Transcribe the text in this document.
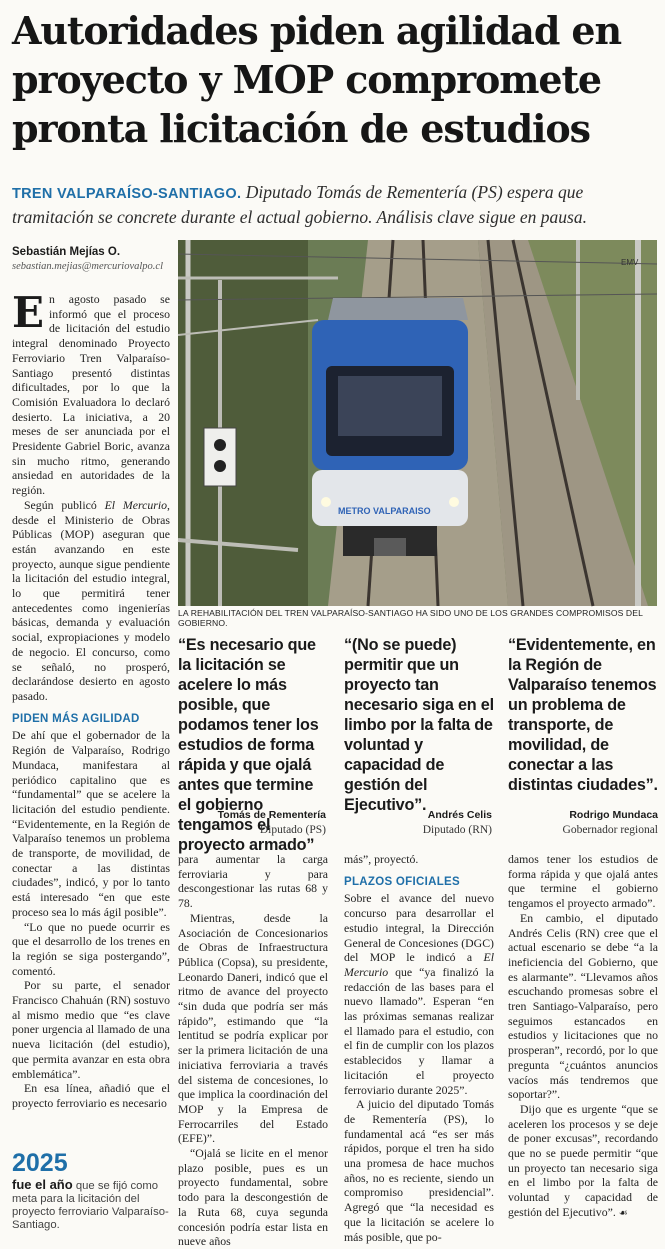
Autoridades piden agilidad en proyecto y MOP compromete pronta licitación de estudios
TREN VALPARAÍSO-SANTIAGO. Diputado Tomás de Rementería (PS) espera que tramitación se concrete durante el actual gobierno. Análisis clave sigue en pausa.
Sebastián Mejías O.
sebastian.mejias@mercuriovalpo.cl

En agosto pasado se informó que el proceso de licitación del estudio integral denominado Proyecto Ferroviario Tren Valparaíso-Santiago presentó distintas dificultades, por lo que la Comisión Evaluadora lo declaró desierto. La iniciativa, a 20 meses de ser anunciada por el Presidente Gabriel Boric, avanza sin mucho ritmo, generando ansiedad en autoridades de la región.

Según publicó El Mercurio, desde el Ministerio de Obras Públicas (MOP) aseguran que están avanzando en este proyecto, aunque sigue pendiente la licitación del estudio integral, lo que permitirá tener antecedentes como ingenierías básicas, demanda y evaluación social, expropiaciones y modelo de negocio. El concurso, como se señaló, no prosperó, declarándose desierto en agosto pasado.

PIDEN MÁS AGILIDAD

De ahí que el gobernador de la Región de Valparaíso, Rodrigo Mundaca, manifestara al periódico capitalino que es “fundamental” que se acelere la licitación del estudio pendiente. “Evidentemente, en la Región de Valparaíso tenemos un problema de transporte, de movilidad, de conectar a las distintas ciudades”, indicó, y por lo tanto está interesado “en que este proceso sea lo más ágil posible”.

“Lo que no puede ocurrir es que el desarrollo de los trenes en la región se siga postergando”, comentó.

Por su parte, el senador Francisco Chahuán (RN) sostuvo al mismo medio que “es clave poner urgencia al llamado de una nueva licitación (del estudio), que permita avanzar en esta obra emblemática”.

En esa línea, añadió que el proyecto ferroviario es necesario

2025
fue el año que se fijó como meta para la licitación del proyecto ferroviario Valparaíso-Santiago.
METRO VALPARAISO
EMV
LA REHABILITACIÓN DEL TREN VALPARAÍSO-SANTIAGO HA SIDO UNO DE LOS GRANDES COMPROMISOS DEL GOBIERNO.
“Es necesario que la licitación se acelere lo más posible, que podamos tener los estudios de forma rápida y que ojalá antes que termine el gobierno tengamos el proyecto armado”
“(No se puede) permitir que un proyecto tan necesario siga en el limbo por la falta de voluntad y capacidad de gestión del Ejecutivo”.
“Evidentemente, en la Región de Valparaíso tenemos un problema de transporte, de movilidad, de conectar a las distintas ciudades”.
Tomás de Rementería
Diputado (PS)
Andrés Celis
Diputado (RN)
Rodrigo Mundaca
Gobernador regional

para aumentar la carga ferroviaria y para descongestionar las rutas 68 y 78.

Mientras, desde la Asociación de Concesionarios de Obras de Infraestructura Pública (Copsa), su presidente, Leonardo Daneri, indicó que el ritmo de avance del proyecto “sin duda que podría ser más rápido”, estimando que “la lentitud se podría explicar por ser la primera licitación de una iniciativa ferroviaria a través del sistema de concesiones, lo que implica la coordinación del MOP y la Empresa de Ferrocarriles del Estado (EFE)”.

“Ojalá se licite en el menor plazo posible, pues es un proyecto fundamental, sobre todo para la descongestión de la Ruta 68, cuya segunda concesión podría estar lista en nueve años

más”, proyectó.

PLAZOS OFICIALES

Sobre el avance del nuevo concurso para desarrollar el estudio integral, la Dirección General de Concesiones (DGC) del MOP le indicó a El Mercurio que “ya finalizó la redacción de las bases para el nuevo llamado”. Esperan “en las próximas semanas realizar el llamado para el estudio, con el fin de cumplir con los plazos establecidos y llamar a licitación el proyecto ferroviario durante 2025”.

A juicio del diputado Tomás de Rementería (PS), lo fundamental acá “es ser más rápidos, porque el tren ha sido una promesa de hace muchos años, no es reciente, siendo un compromiso presidencial”. Agregó que “la necesidad es que la licitación se acelere lo más posible, que po-

damos tener los estudios de forma rápida y que ojalá antes que termine el gobierno tengamos el proyecto armado”.

En cambio, el diputado Andrés Celis (RN) cree que el actual escenario se debe “a la ineficiencia del Gobierno, que es alarmante”. “Llevamos años escuchando promesas sobre el tren Santiago-Valparaíso, pero seguimos estancados en estudios y licitaciones que no prosperan”, recordó, por lo que pregunta “¿cuántos anuncios vacíos más tendremos que soportar?”.

Dijo que es urgente “que se aceleren los procesos y se deje de poner excusas”, recordando que no se puede permitir “que un proyecto tan necesario siga en el limbo por la falta de voluntad y capacidad de gestión del Ejecutivo”. ☙
